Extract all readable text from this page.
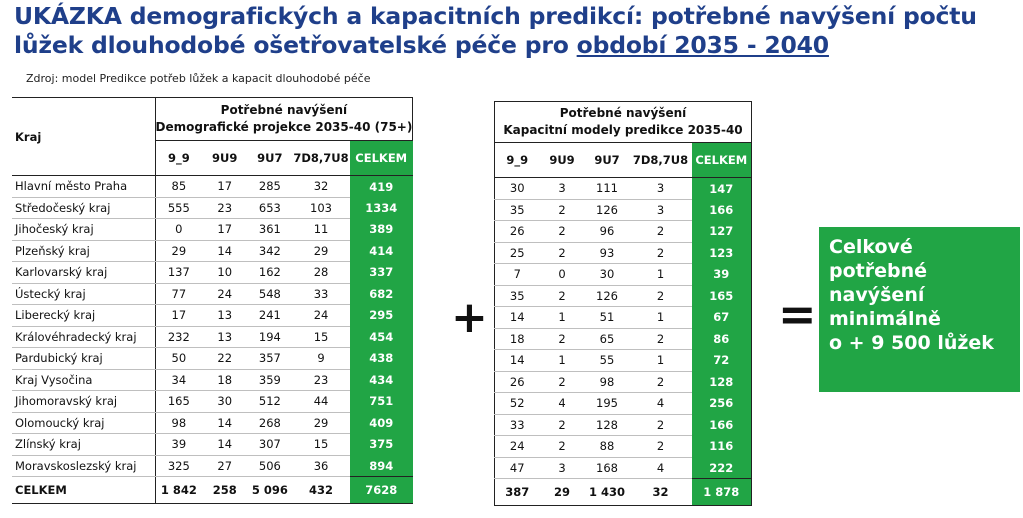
UKÁZKA demografických a kapacitních predikcí: potřebné navýšení počtu
lůžek dlouhodobé ošetřovatelské péče pro období 2035 - 2040
Zdroj: model Predikce potřeb lůžek a kapacit dlouhodobé péče
Kraj	Potřebné navýšení
Demografické projekce 2035-40 (75+)				

	9_9	9U9	9U7	7D8,7U8	CELKEM
Hlavní město Praha	85	17	285	32	419
Středočeský kraj	555	23	653	103	1334
Jihočeský kraj	0	17	361	11	389
Plzeňský kraj	29	14	342	29	414
Karlovarský kraj	137	10	162	28	337
Ústecký kraj	77	24	548	33	682
Liberecký kraj	17	13	241	24	295
Královéhradecký kraj	232	13	194	15	454
Pardubický kraj	50	22	357	9	438
Kraj Vysočina	34	18	359	23	434
Jihomoravský kraj	165	30	512	44	751
Olomoucký kraj	98	14	268	29	409
Zlínský kraj	39	14	307	15	375
Moravskoslezský kraj	325	27	506	36	894
CELKEM	1 842	258	5 096	432	7628
Potřebné navýšení
Kapacitní modely predikce 2035-40				

9_9	9U9	9U7	7D8,7U8	CELKEM
30	3	111	3	147
35	2	126	3	166
26	2	96	2	127
25	2	93	2	123
7	0	30	1	39
35	2	126	2	165
14	1	51	1	67
18	2	65	2	86
14	1	55	1	72
26	2	98	2	128
52	4	195	4	256
33	2	128	2	166
24	2	88	2	116
47	3	168	4	222
387	29	1 430	32	1 878
+	=
Celkové
potřebné
navýšení
minimálně
o + 9 500 lůžek
